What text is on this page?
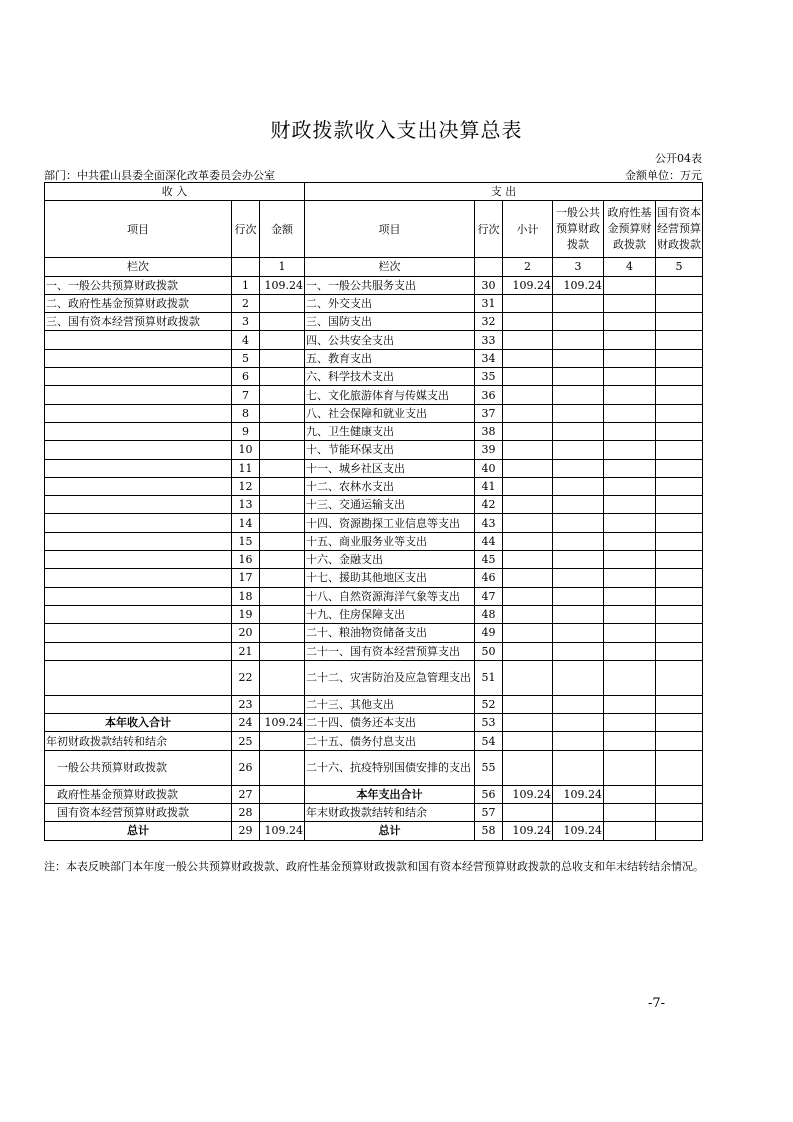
财政拨款收入支出决算总表
公开04表
部门：中共霍山县委全面深化改革委员会办公室	金额单位：万元
收 入			支 出					
项目	行次	金额	项目	行次	小计	一般公共预算财政拨款	政府性基金预算财政拨款	国有资本经营预算财政拨款
栏次		1	栏次		2	3	4	5
一、一般公共预算财政拨款	1	109.24	一、一般公共服务支出	30	109.24	109.24		
二、政府性基金预算财政拨款	2		二、外交支出	31				
三、国有资本经营预算财政拨款	3		三、国防支出	32				
	4		四、公共安全支出	33				
	5		五、教育支出	34				
	6		六、科学技术支出	35				
	7		七、文化旅游体育与传媒支出	36				
	8		八、社会保障和就业支出	37				
	9		九、卫生健康支出	38				
	10		十、节能环保支出	39				
	11		十一、城乡社区支出	40				
	12		十二、农林水支出	41				
	13		十三、交通运输支出	42				
	14		十四、资源勘探工业信息等支出	43				
	15		十五、商业服务业等支出	44				
	16		十六、金融支出	45				
	17		十七、援助其他地区支出	46				
	18		十八、自然资源海洋气象等支出	47				
	19		十九、住房保障支出	48				
	20		二十、粮油物资储备支出	49				
	21		二十一、国有资本经营预算支出	50				
	22		二十二、灾害防治及应急管理支出	51				
	23		二十三、其他支出	52				
本年收入合计	24	109.24	二十四、债务还本支出	53				
年初财政拨款结转和结余	25		二十五、债务付息支出	54				
一般公共预算财政拨款	26		二十六、抗疫特别国债安排的支出	55				
政府性基金预算财政拨款	27		本年支出合计	56	109.24	109.24		
国有资本经营预算财政拨款	28		年末财政拨款结转和结余	57				
总计	29	109.24	总计	58	109.24	109.24		
注：本表反映部门本年度一般公共预算财政拨款、政府性基金预算财政拨款和国有资本经营预算财政拨款的总收支和年末结转结余情况。
-7-
